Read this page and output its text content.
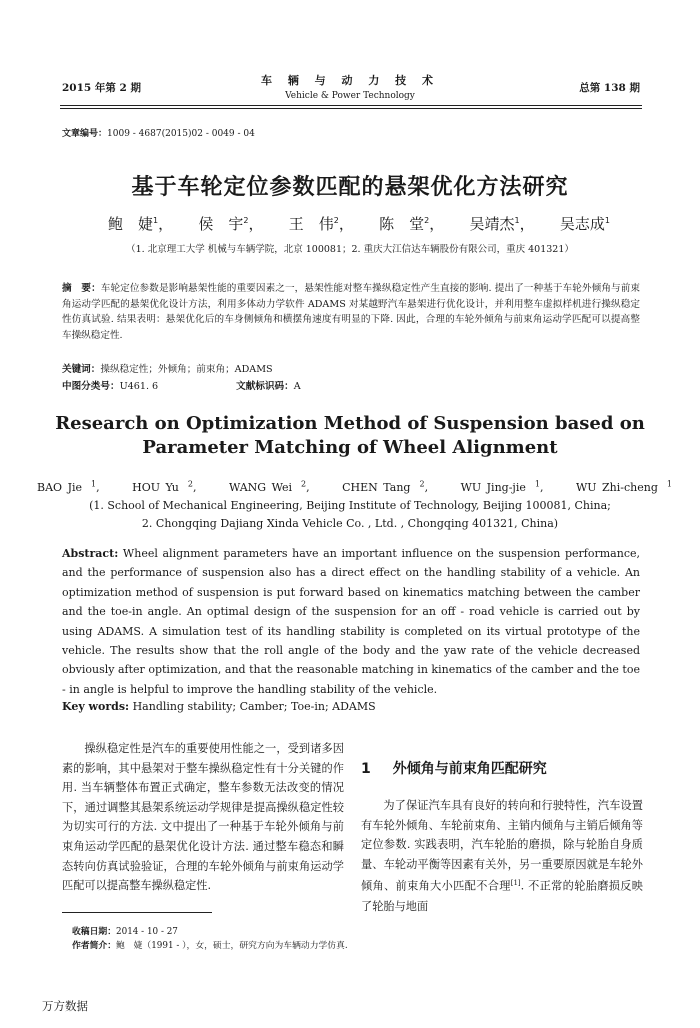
2015 年第 2 期
车 辆 与 动 力 技 术
Vehicle & Power Technology
总第 138 期
文章编号：1009 - 4687(2015)02 - 0049 - 04
基于车轮定位参数匹配的悬架优化方法研究
鲍　婕$^1$， 侯　宇$^2$， 王　伟$^2$， 陈　堂$^2$， 吴靖杰$^1$， 吴志成$^1$
（1. 北京理工大学 机械与车辆学院，北京 100081；2. 重庆大江信达车辆股份有限公司，重庆 401321）
摘　要：车轮定位参数是影响悬架性能的重要因素之一，悬架性能对整车操纵稳定性产生直接的影响. 提出了一种基于车轮外倾角与前束角运动学匹配的悬架优化设计方法，利用多体动力学软件 ADAMS 对某越野汽车悬架进行优化设计，并利用整车虚拟样机进行操纵稳定性仿真试验. 结果表明：悬架优化后的车身侧倾角和横摆角速度有明显的下降. 因此，合理的车轮外倾角与前束角运动学匹配可以提高整车操纵稳定性.
关键词：操纵稳定性；外倾角；前束角；ADAMS
中图分类号：U461. 6	文献标识码：A
Research on Optimization Method of Suspension based on
Parameter Matching of Wheel Alignment
BAO Jie $^1$,	HOU Yu $^2$,	WANG Wei $^2$,	CHEN Tang $^2$,	WU Jing-jie $^1$,	WU Zhi-cheng $^1$
(1. School of Mechanical Engineering, Beijing Institute of Technology, Beijing 100081, China;
2. Chongqing Dajiang Xinda Vehicle Co. , Ltd. , Chongqing 401321, China)
Abstract: Wheel alignment parameters have an important influence on the suspension performance, and the performance of suspension also has a direct effect on the handling stability of a vehicle. An optimization method of suspension is put forward based on kinematics matching between the camber and the toe-in angle. An optimal design of the suspension for an off - road vehicle is carried out by using ADAMS. A simulation test of its handling stability is completed on its virtual prototype of the vehicle. The results show that the roll angle of the body and the yaw rate of the vehicle decreased obviously after optimization, and that the reasonable matching in kinematics of the camber and the toe - in angle is helpful to improve the handling stability of the vehicle.
Key words: Handling stability; Camber; Toe-in; ADAMS
操纵稳定性是汽车的重要使用性能之一，受到诸多因素的影响，其中悬架对于整车操纵稳定性有十分关键的作用. 当车辆整体布置正式确定，整车参数无法改变的情况下，通过调整其悬架系统运动学规律是提高操纵稳定性较为切实可行的方法. 文中提出了一种基于车轮外倾角与前束角运动学匹配的悬架优化设计方法. 通过整车稳态和瞬态转向仿真试验验证，合理的车轮外倾角与前束角运动学匹配可以提高整车操纵稳定性.
1 外倾角与前束角匹配研究
为了保证汽车具有良好的转向和行驶特性，汽车设置有车轮外倾角、车轮前束角、主销内倾角与主销后倾角等定位参数. 实践表明，汽车轮胎的磨损，除与轮胎自身质量、车轮动平衡等因素有关外，另一重要原因就是车轮外倾角、前束角大小匹配不合理[1]. 不正常的轮胎磨损反映了轮胎与地面
收稿日期：2014 - 10 - 27
作者简介：鲍　婕（1991 - ），女，硕士，研究方向为车辆动力学仿真.
万方数据
